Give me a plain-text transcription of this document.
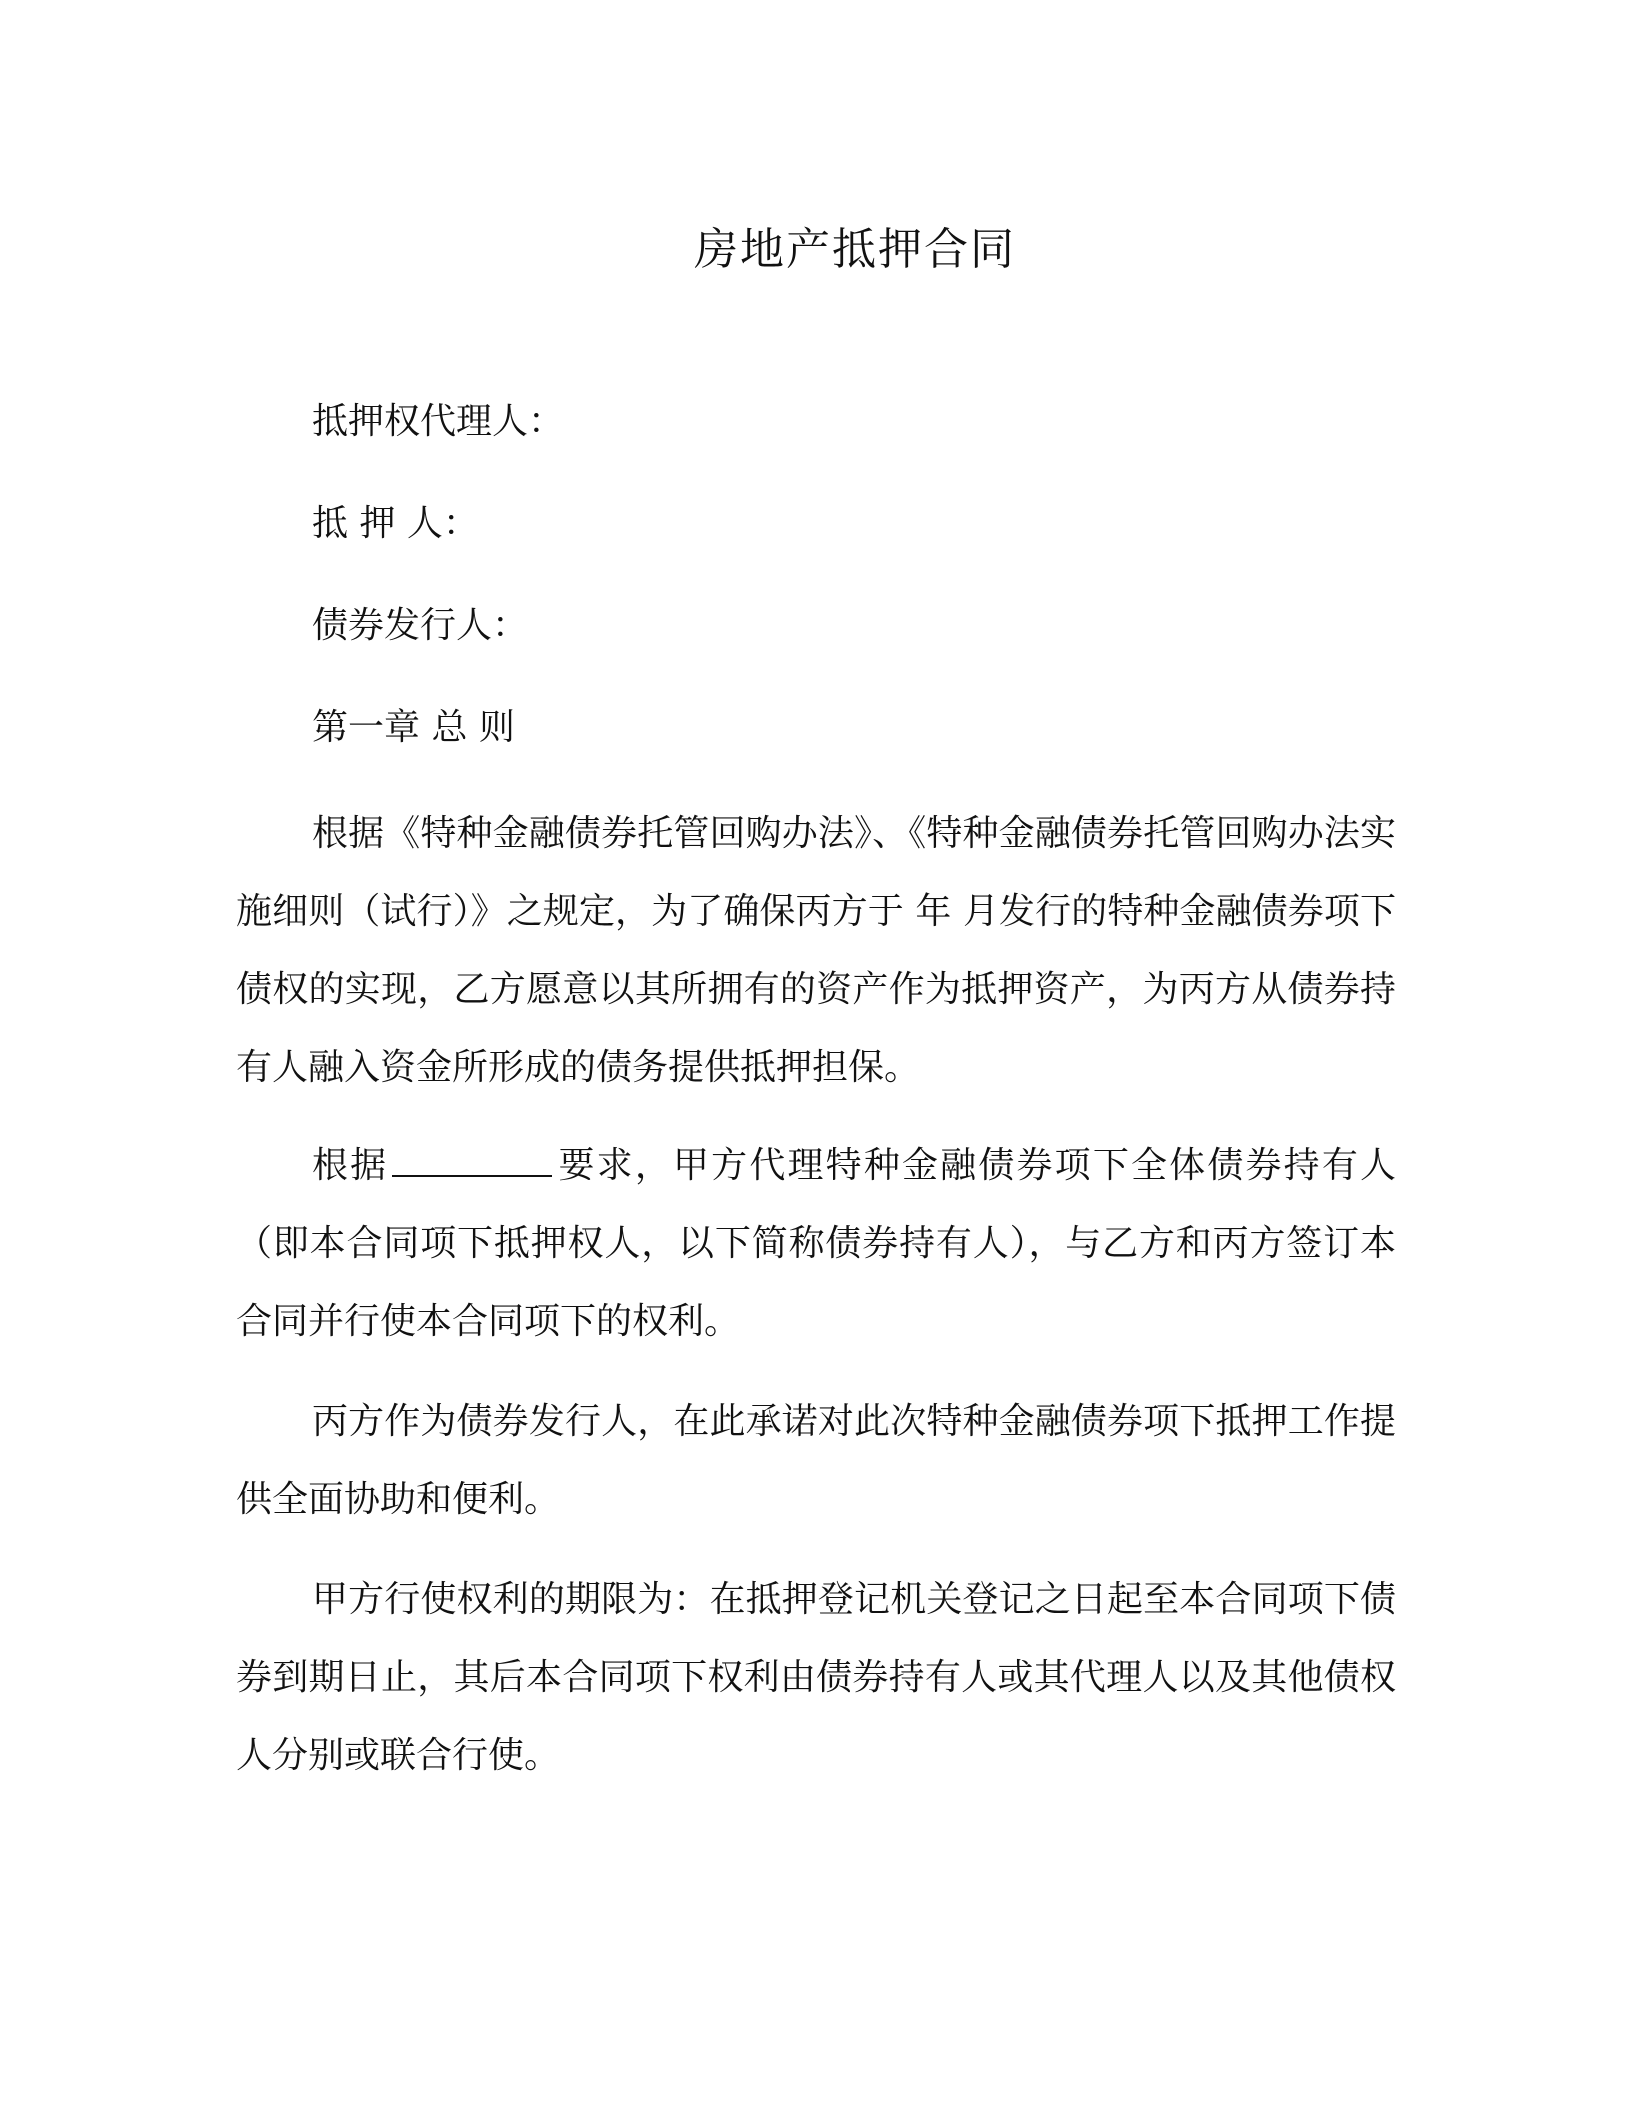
房地产抵押合同
抵押权代理人：
抵 押 人：
债券发行人：
第一章 总 则
根据《特种金融债券托管回购办法》、《特种金融债券托管回购办法实施细则（试行）》之规定，为了确保丙方于 年 月发行的特种金融债券项下债权的实现，乙方愿意以其所拥有的资产作为抵押资产，为丙方从债券持有人融入资金所形成的债务提供抵押担保。
根据	要求，甲方代理特种金融债券项下全体债券持有人（即本合同项下抵押权人，以下简称债券持有人），与乙方和丙方签订本合同并行使本合同项下的权利。
丙方作为债券发行人，在此承诺对此次特种金融债券项下抵押工作提供全面协助和便利。
甲方行使权利的期限为：在抵押登记机关登记之日起至本合同项下债券到期日止，其后本合同项下权利由债券持有人或其代理人以及其他债权人分别或联合行使。
